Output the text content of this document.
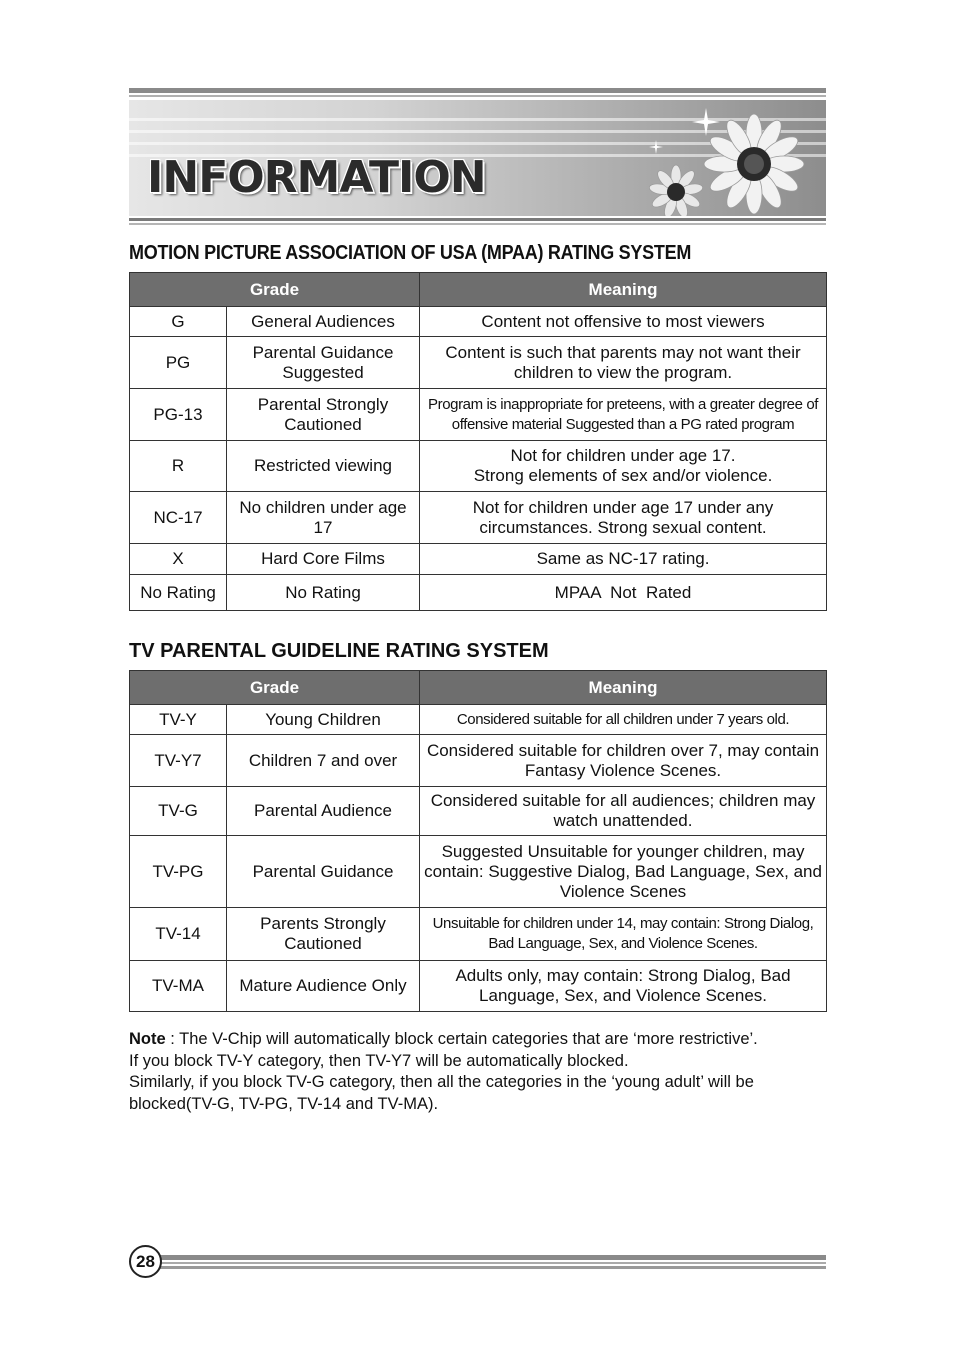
INFORMATION
MOTION PICTURE ASSOCIATION OF USA (MPAA) RATING SYSTEM
Grade		Meaning
G	General Audiences	Content not offensive to most viewers
PG	Parental Guidance Suggested	Content is such that parents may not want their children to view the program.
PG-13	Parental Strongly Cautioned	Program is inappropriate for preteens, with a greater degree of offensive material Suggested than a PG rated program
R	Restricted viewing	Not for children under age 17.
Strong elements of sex and/or violence.

NC-17	No children under age 17	Not for children under age 17 under any circumstances. Strong sexual content.
X	Hard Core Films	Same as NC-17 rating.
No Rating	No Rating	MPAA  Not  Rated
TV PARENTAL GUIDELINE RATING SYSTEM
Grade		Meaning
TV-Y	Young Children	Considered suitable for all children under 7 years old.
TV-Y7	Children 7 and over	Considered suitable for children over 7, may contain Fantasy Violence Scenes.
TV-G	Parental Audience	Considered suitable for all audiences; children may watch unattended.
TV-PG	Parental Guidance	Suggested Unsuitable for younger children, may contain: Suggestive Dialog, Bad Language, Sex, and Violence Scenes
TV-14	Parents Strongly Cautioned	Unsuitable for children under 14, may contain: Strong Dialog, Bad Language, Sex, and Violence Scenes.
TV-MA	Mature Audience Only	Adults only, may contain: Strong Dialog, Bad Language, Sex, and Violence Scenes.

Note : The V-Chip will automatically block certain categories that are ‘more restrictive’.

If you block TV-Y category, then TV-Y7 will be automatically blocked.

Similarly, if you block TV-G category, then all the categories in the ‘young adult’ will be blocked(TV-G, TV-PG, TV-14 and TV-MA).

28
